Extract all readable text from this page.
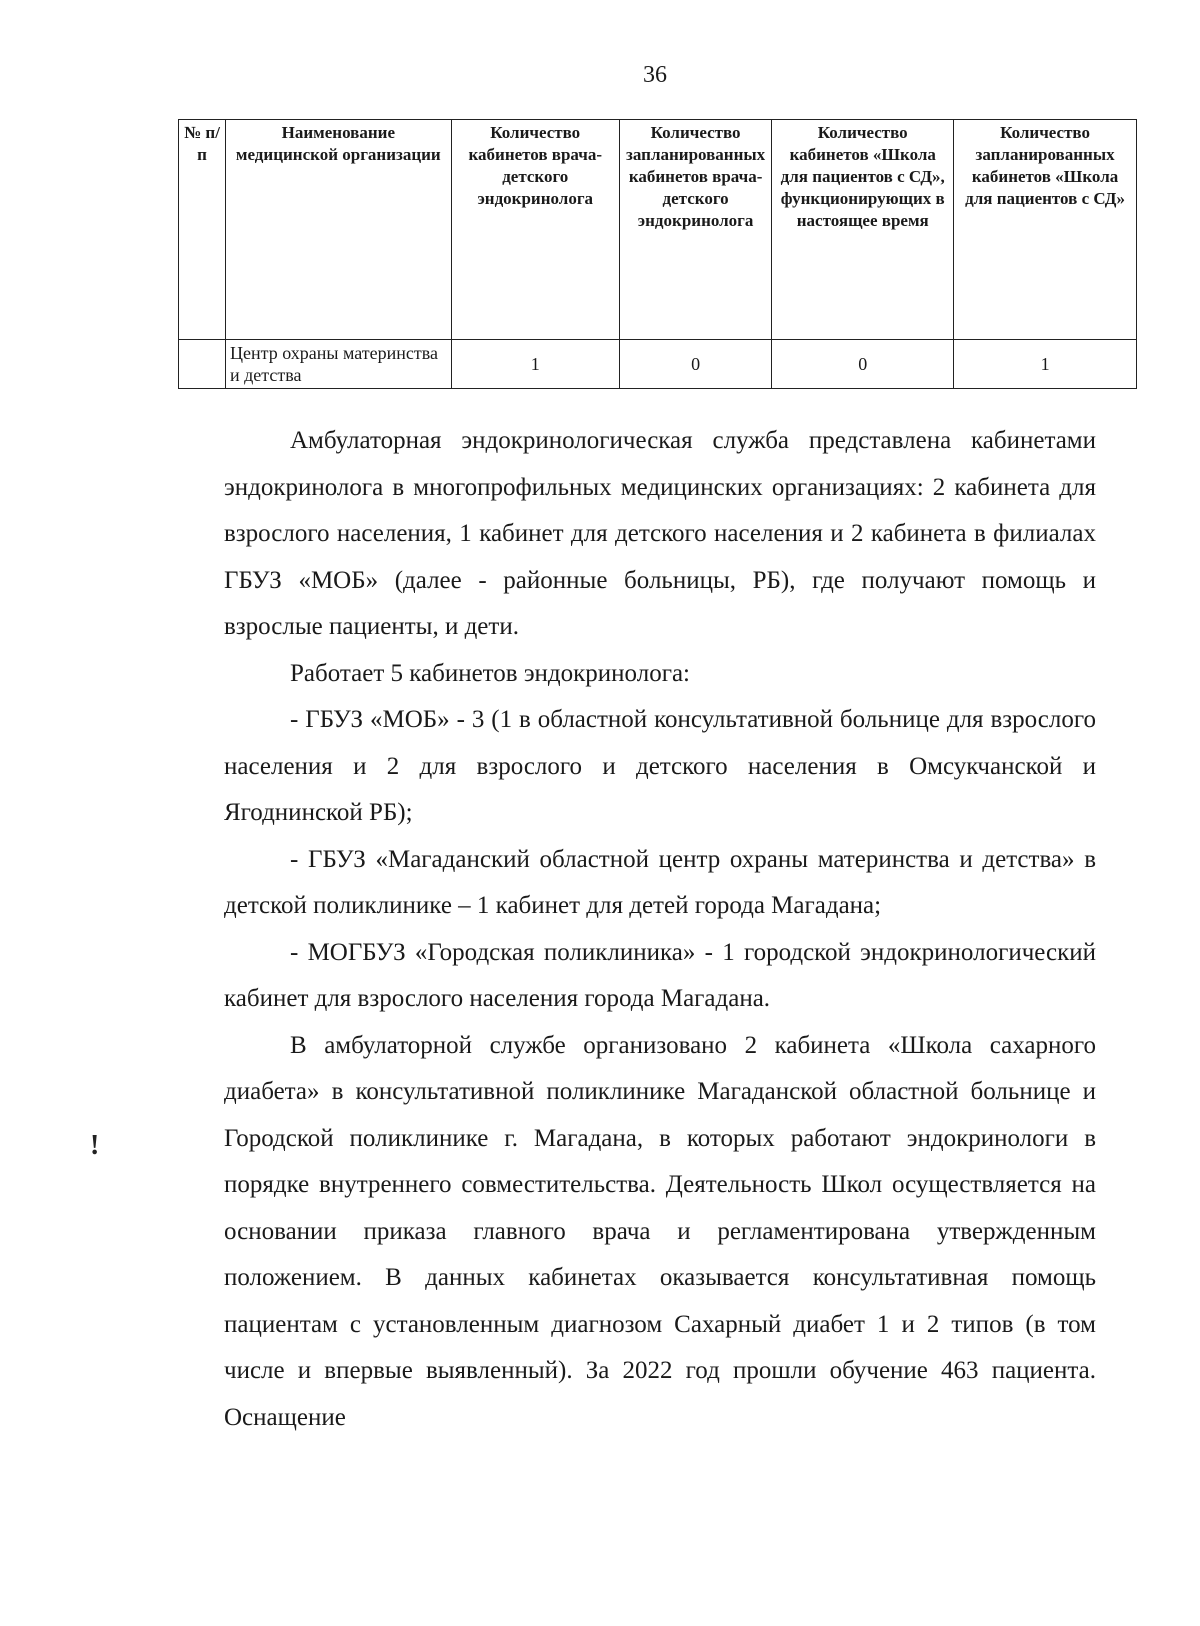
36
№ п/п	Наименование медицинской организации	Количество кабинетов врача-детского эндокринолога	Количество запланированных кабинетов врача-детского эндокринолога	Количество кабинетов «Школа для пациентов с СД», функционирующих в настоящее время	Количество запланированных кабинетов «Школа для пациентов с СД»
	Центр охраны материнства и детства	1	0	0	1

Амбулаторная эндокринологическая служба представлена кабинетами эндокринолога в многопрофильных медицинских организациях: 2 кабинета для взрослого населения, 1 кабинет для детского населения и 2 кабинета в филиалах ГБУЗ «МОБ» (далее - районные больницы, РБ), где получают помощь и взрослые пациенты, и дети.

Работает 5 кабинетов эндокринолога:

- ГБУЗ «МОБ» - 3 (1 в областной консультативной больнице для взрослого населения и 2 для взрослого и детского населения в Омсукчанской и Ягоднинской РБ);

- ГБУЗ «Магаданский областной центр охраны материнства и детства» в детской поликлинике – 1 кабинет для детей города Магадана;

- МОГБУЗ «Городская поликлиника» - 1 городской эндокринологический кабинет для взрослого населения города Магадана.

В амбулаторной службе организовано 2 кабинета «Школа сахарного диабета» в консультативной поликлинике Магаданской областной больнице и Городской поликлинике г. Магадана, в которых работают эндокринологи в порядке внутреннего совместительства. Деятельность Школ осуществляется на основании приказа главного врача и регламентирована утвержденным положением. В данных кабинетах оказывается консультативная помощь пациентам с установленным диагнозом Сахарный диабет 1 и 2 типов (в том числе и впервые выявленный). За 2022 год прошли обучение 463 пациента. Оснащение

!
